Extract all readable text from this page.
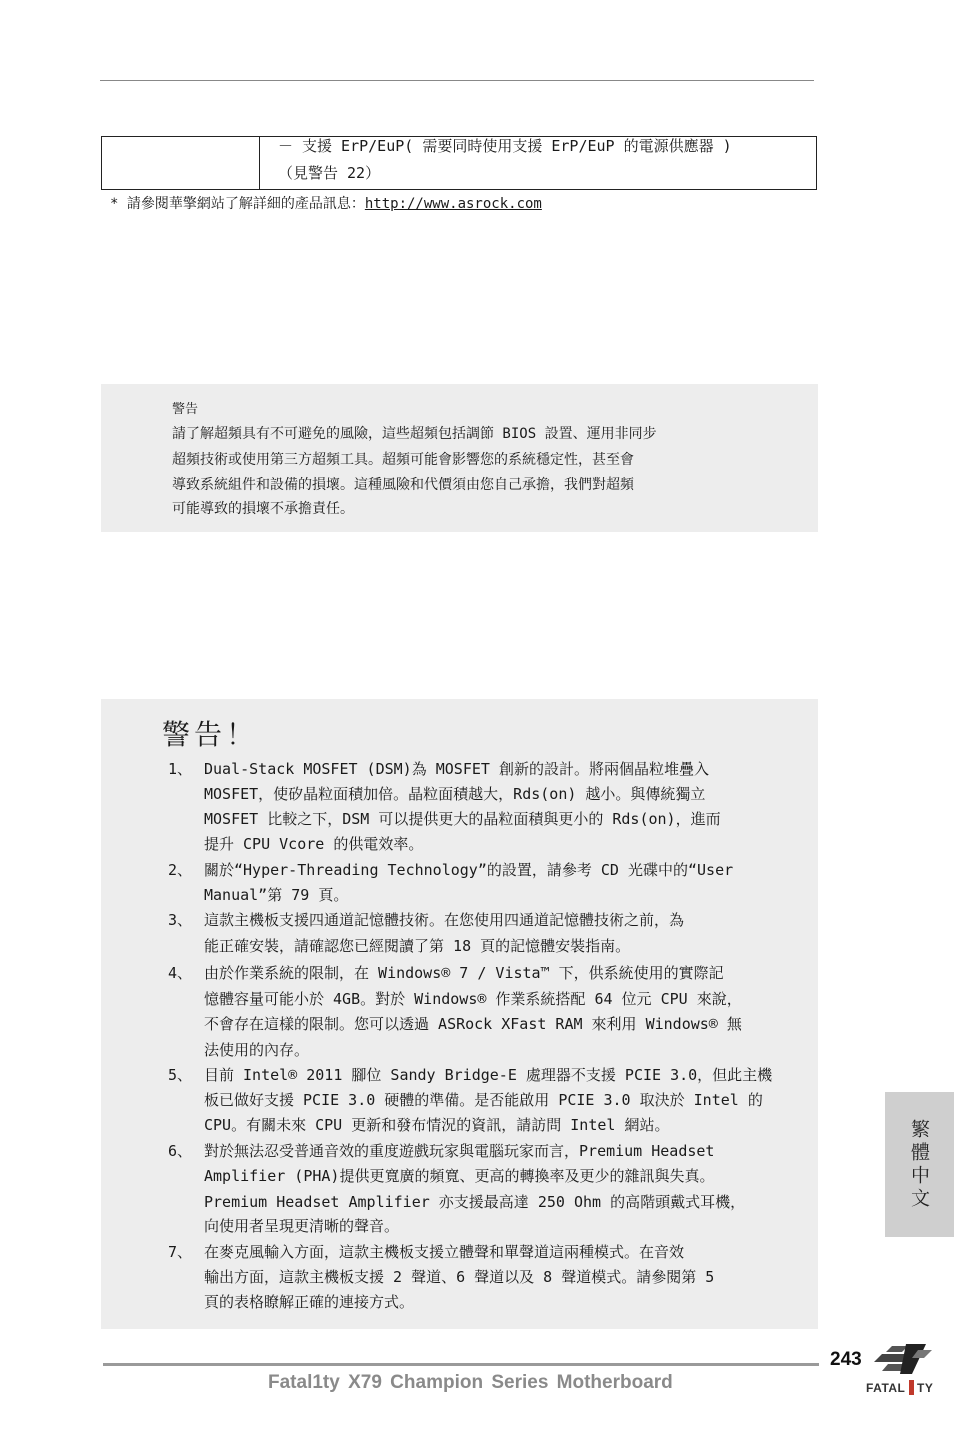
－ 支援 ErP/EuP( 需要同時使用支援 ErP/EuP 的電源供應器 )
（見警告 22）
* 請參閱華擎網站了解詳細的產品訊息：http://www.asrock.com
警告
請了解超頻具有不可避免的風險，這些超頻包括調節 BIOS 設置、運用非同步
超頻技術或使用第三方超頻工具。超頻可能會影響您的系統穩定性，甚至會
導致系統組件和設備的損壞。這種風險和代價須由您自己承擔，我們對超頻
可能導致的損壞不承擔責任。
警告！
1、 Dual-Stack MOSFET (DSM)為 MOSFET 創新的設計。將兩個晶粒堆疊入
MOSFET，使矽晶粒面積加倍。晶粒面積越大，Rds(on) 越小。與傳統獨立
MOSFET 比較之下，DSM 可以提供更大的晶粒面積與更小的 Rds(on)，進而
提升 CPU Vcore 的供電效率。
2、 關於“Hyper-Threading Technology”的設置，請參考 CD 光碟中的“User
Manual”第 79 頁。
3、 這款主機板支援四通道記憶體技術。在您使用四通道記憶體技術之前，為
能正確安裝，請確認您已經閱讀了第 18 頁的記憶體安裝指南。
4、 由於作業系統的限制，在 Windows® 7 / Vista™ 下，供系統使用的實際記
憶體容量可能小於 4GB。對於 Windows® 作業系統搭配 64 位元 CPU 來說，
不會存在這樣的限制。您可以透過 ASRock XFast RAM 來利用 Windows® 無
法使用的內存。
5、 目前 Intel® 2011 腳位 Sandy Bridge-E 處理器不支援 PCIE 3.0，但此主機
板已做好支援 PCIE 3.0 硬體的準備。是否能啟用 PCIE 3.0 取決於 Intel 的
CPU。有關未來 CPU 更新和發布情況的資訊，請訪問 Intel 網站。
6、 對於無法忍受普通音效的重度遊戲玩家與電腦玩家而言，Premium Headset
Amplifier (PHA)提供更寬廣的頻寬、更高的轉換率及更少的雜訊與失真。
Premium Headset Amplifier 亦支援最高達 250 Ohm 的高階頭戴式耳機，
向使用者呈現更清晰的聲音。
7、 在麥克風輸入方面，這款主機板支援立體聲和單聲道這兩種模式。在音效
輸出方面，這款主機板支援 2 聲道、6 聲道以及 8 聲道模式。請參閱第 5
頁的表格瞭解正確的連接方式。
繁體中文
243
Fatal1ty X79 Champion Series Motherboard	FATAL TY
